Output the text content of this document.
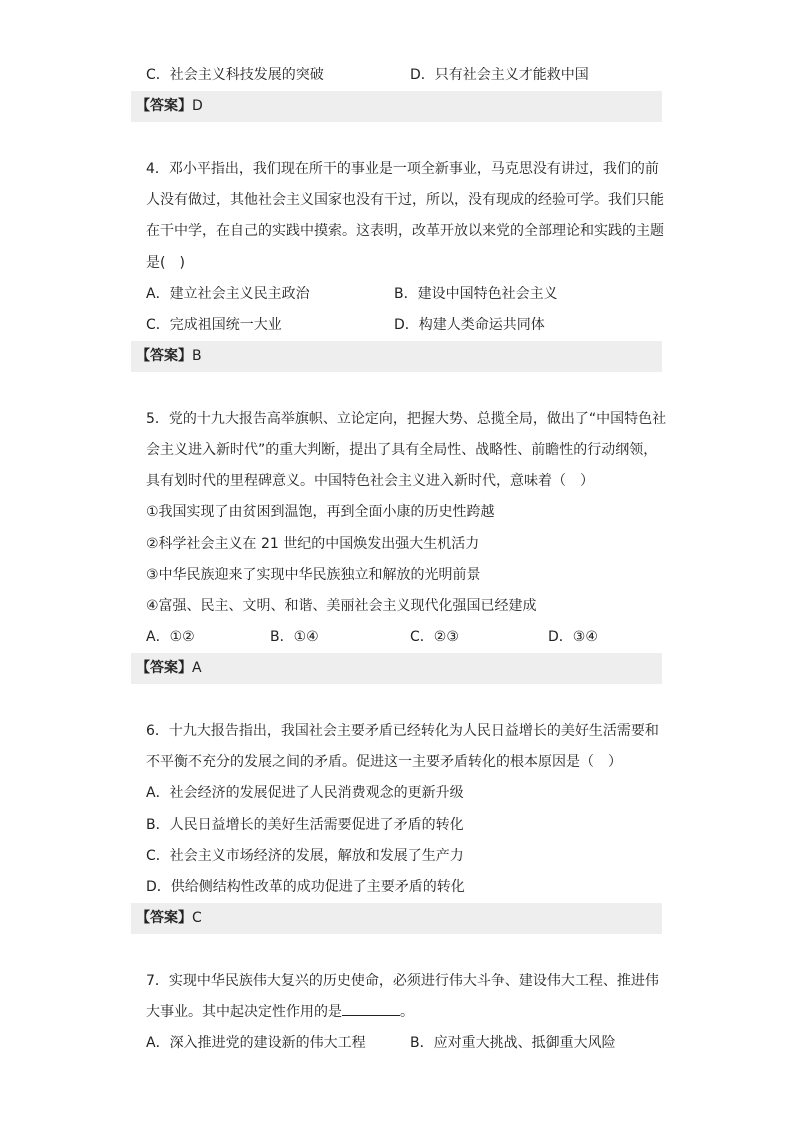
C．社会主义科技发展的突破	D．只有社会主义才能救中国
【答案】D
4．邓小平指出，我们现在所干的事业是一项全新事业，马克思没有讲过，我们的前
人没有做过，其他社会主义国家也没有干过，所以，没有现成的经验可学。我们只能
在干中学，在自己的实践中摸索。这表明，改革开放以来党的全部理论和实践的主题
是(　)
A．建立社会主义民主政治	B．建设中国特色社会主义
C．完成祖国统一大业	D．构建人类命运共同体
【答案】B
5．党的十九大报告高举旗帜、立论定向，把握大势、总揽全局，做出了“中国特色社
会主义进入新时代”的重大判断，提出了具有全局性、战略性、前瞻性的行动纲领，
具有划时代的里程碑意义。中国特色社会主义进入新时代，意味着（　）
①我国实现了由贫困到温饱，再到全面小康的历史性跨越
②科学社会主义在 21 世纪的中国焕发出强大生机活力
③中华民族迎来了实现中华民族独立和解放的光明前景
④富强、民主、文明、和谐、美丽社会主义现代化强国已经建成
A．①②	B．①④	C．②③	D．③④
【答案】A
6．十九大报告指出，我国社会主要矛盾已经转化为人民日益增长的美好生活需要和
不平衡不充分的发展之间的矛盾。促进这一主要矛盾转化的根本原因是（　）
A．社会经济的发展促进了人民消费观念的更新升级
B．人民日益增长的美好生活需要促进了矛盾的转化
C．社会主义市场经济的发展，解放和发展了生产力
D．供给侧结构性改革的成功促进了主要矛盾的转化
【答案】C
7．实现中华民族伟大复兴的历史使命，必须进行伟大斗争、建设伟大工程、推进伟
大事业。其中起决定性作用的是	。
A．深入推进党的建设新的伟大工程	B．应对重大挑战、抵御重大风险
